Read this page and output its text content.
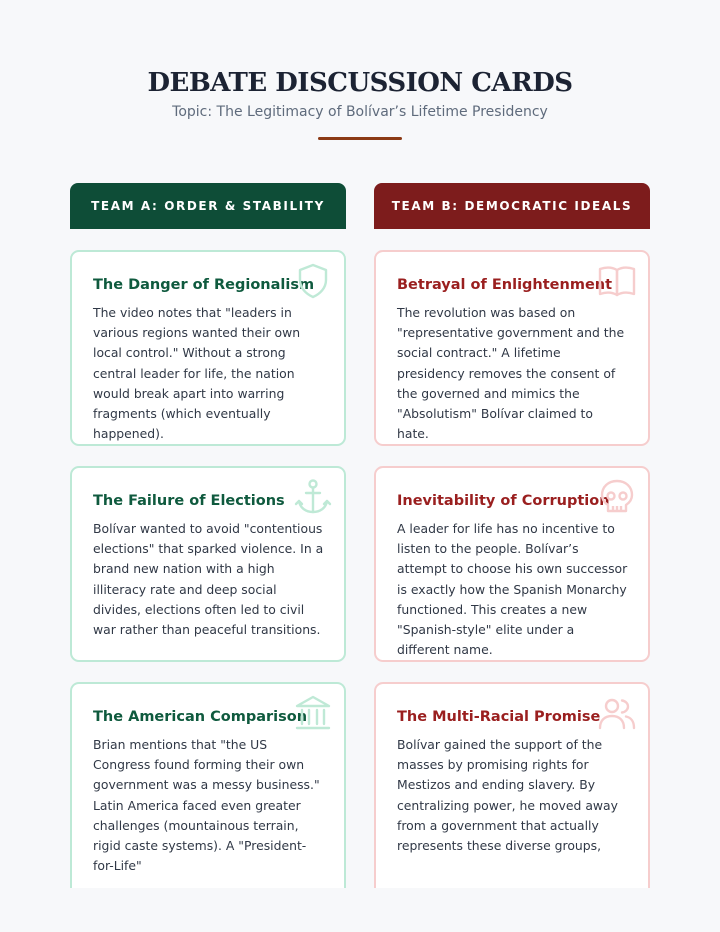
DEBATE DISCUSSION CARDS
Topic: The Legitimacy of Bolívar’s Lifetime Presidency
TEAM A: ORDER & STABILITY
The Danger of Regionalism

The video notes that "leaders in various regions wanted their own local control." Without a strong central leader for life, the nation would break apart into warring fragments (which eventually happened).

The Failure of Elections

Bolívar wanted to avoid "contentious elections" that sparked violence. In a brand new nation with a high illiteracy rate and deep social divides, elections often led to civil war rather than peaceful transitions.

The American Comparison

Brian mentions that "the US Congress found forming their own government was a messy business." Latin America faced even greater challenges (mountainous terrain, rigid caste systems). A "President-for-Life"

TEAM B: DEMOCRATIC IDEALS
Betrayal of Enlightenment

The revolution was based on "representative government and the social contract." A lifetime presidency removes the consent of the governed and mimics the "Absolutism" Bolívar claimed to hate.

Inevitability of Corruption

A leader for life has no incentive to listen to the people. Bolívar’s attempt to choose his own successor is exactly how the Spanish Monarchy functioned. This creates a new "Spanish-style" elite under a different name.

The Multi-Racial Promise

Bolívar gained the support of the masses by promising rights for Mestizos and ending slavery. By centralizing power, he moved away from a government that actually represents these diverse groups,
